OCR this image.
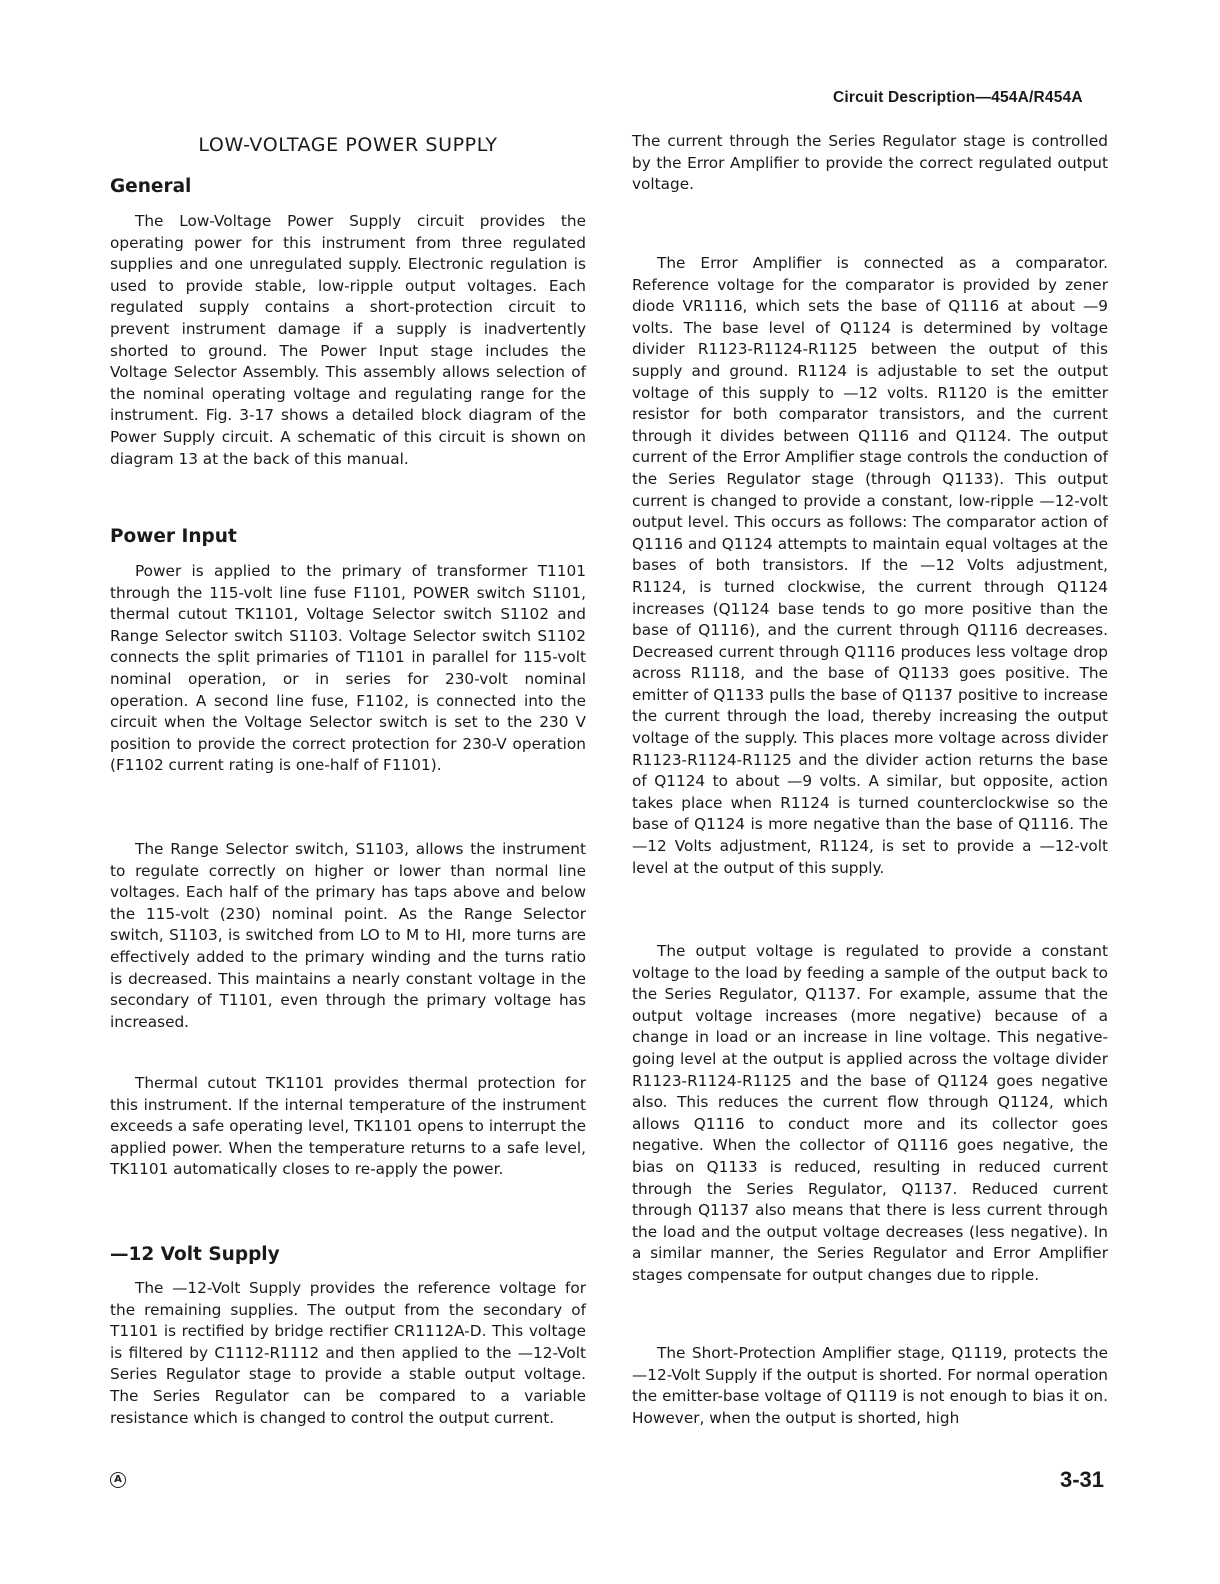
Circuit Description—454A/R454A
LOW-VOLTAGE POWER SUPPLY
General

The Low-Voltage Power Supply circuit provides the operating power for this instrument from three regulated supplies and one unregulated supply. Electronic regulation is used to provide stable, low-ripple output voltages. Each regulated supply contains a short-protection circuit to prevent instrument damage if a supply is inadvertently shorted to ground. The Power Input stage includes the Voltage Selector Assembly. This assembly allows selection of the nominal operating voltage and regulating range for the instrument. Fig. 3-17 shows a detailed block diagram of the Power Supply circuit. A schematic of this circuit is shown on diagram 13 at the back of this manual.

Power Input

Power is applied to the primary of transformer T1101 through the 115-volt line fuse F1101, POWER switch S1101, thermal cutout TK1101, Voltage Selector switch S1102 and Range Selector switch S1103. Voltage Selector switch S1102 connects the split primaries of T1101 in parallel for 115-volt nominal operation, or in series for 230-volt nominal operation. A second line fuse, F1102, is connected into the circuit when the Voltage Selector switch is set to the 230 V position to provide the correct protection for 230-V operation (F1102 current rating is one-half of F1101).

The Range Selector switch, S1103, allows the instrument to regulate correctly on higher or lower than normal line voltages. Each half of the primary has taps above and below the 115-volt (230) nominal point. As the Range Selector switch, S1103, is switched from LO to M to HI, more turns are effectively added to the primary winding and the turns ratio is decreased. This maintains a nearly constant voltage in the secondary of T1101, even through the primary voltage has increased.

Thermal cutout TK1101 provides thermal protection for this instrument. If the internal temperature of the instrument exceeds a safe operating level, TK1101 opens to interrupt the applied power. When the temperature returns to a safe level, TK1101 automatically closes to re-apply the power.

—12 Volt Supply

The —12-Volt Supply provides the reference voltage for the remaining supplies. The output from the secondary of T1101 is rectified by bridge rectifier CR1112A-D. This voltage is filtered by C1112-R1112 and then applied to the —12-Volt Series Regulator stage to provide a stable output voltage. The Series Regulator can be compared to a variable resistance which is changed to control the output current.

The current through the Series Regulator stage is controlled by the Error Amplifier to provide the correct regulated output voltage.

The Error Amplifier is connected as a comparator. Reference voltage for the comparator is provided by zener diode VR1116, which sets the base of Q1116 at about —9 volts. The base level of Q1124 is determined by voltage divider R1123-R1124-R1125 between the output of this supply and ground. R1124 is adjustable to set the output voltage of this supply to —12 volts. R1120 is the emitter resistor for both comparator transistors, and the current through it divides between Q1116 and Q1124. The output current of the Error Amplifier stage controls the conduction of the Series Regulator stage (through Q1133). This output current is changed to provide a constant, low-ripple —12-volt output level. This occurs as follows: The comparator action of Q1116 and Q1124 attempts to maintain equal voltages at the bases of both transistors. If the —12 Volts adjustment, R1124, is turned clockwise, the current through Q1124 increases (Q1124 base tends to go more positive than the base of Q1116), and the current through Q1116 decreases. Decreased current through Q1116 produces less voltage drop across R1118, and the base of Q1133 goes positive. The emitter of Q1133 pulls the base of Q1137 positive to increase the current through the load, thereby increasing the output voltage of the supply. This places more voltage across divider R1123-R1124-R1125 and the divider action returns the base of Q1124 to about —9 volts. A similar, but opposite, action takes place when R1124 is turned counterclockwise so the base of Q1124 is more negative than the base of Q1116. The —12 Volts adjustment, R1124, is set to provide a —12-volt level at the output of this supply.

The output voltage is regulated to provide a constant voltage to the load by feeding a sample of the output back to the Series Regulator, Q1137. For example, assume that the output voltage increases (more negative) because of a change in load or an increase in line voltage. This negative-going level at the output is applied across the voltage divider R1123-R1124-R1125 and the base of Q1124 goes negative also. This reduces the current flow through Q1124, which allows Q1116 to conduct more and its collector goes negative. When the collector of Q1116 goes negative, the bias on Q1133 is reduced, resulting in reduced current through the Series Regulator, Q1137. Reduced current through Q1137 also means that there is less current through the load and the output voltage decreases (less negative). In a similar manner, the Series Regulator and Error Amplifier stages compensate for output changes due to ripple.

The Short-Protection Amplifier stage, Q1119, protects the —12-Volt Supply if the output is shorted. For normal operation the emitter-base voltage of Q1119 is not enough to bias it on. However, when the output is shorted, high

A	3-31
